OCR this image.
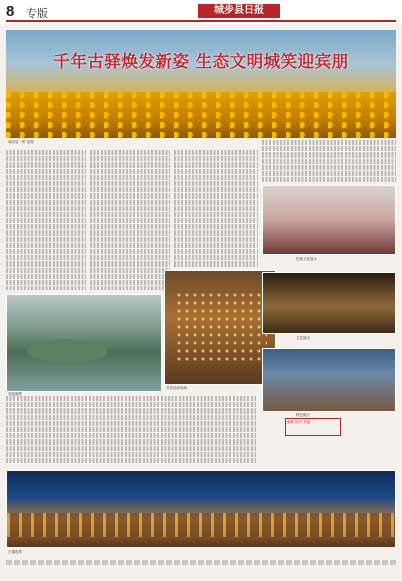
8 专版	城步县日报
千年古驿焕发新姿 生态文明城笑迎宾朋
城步县一景 花海
美丽湖景
节庆活动现场
民族文化展示
文艺演出
特色街区
编辑 校对 美编
古镇夜景
